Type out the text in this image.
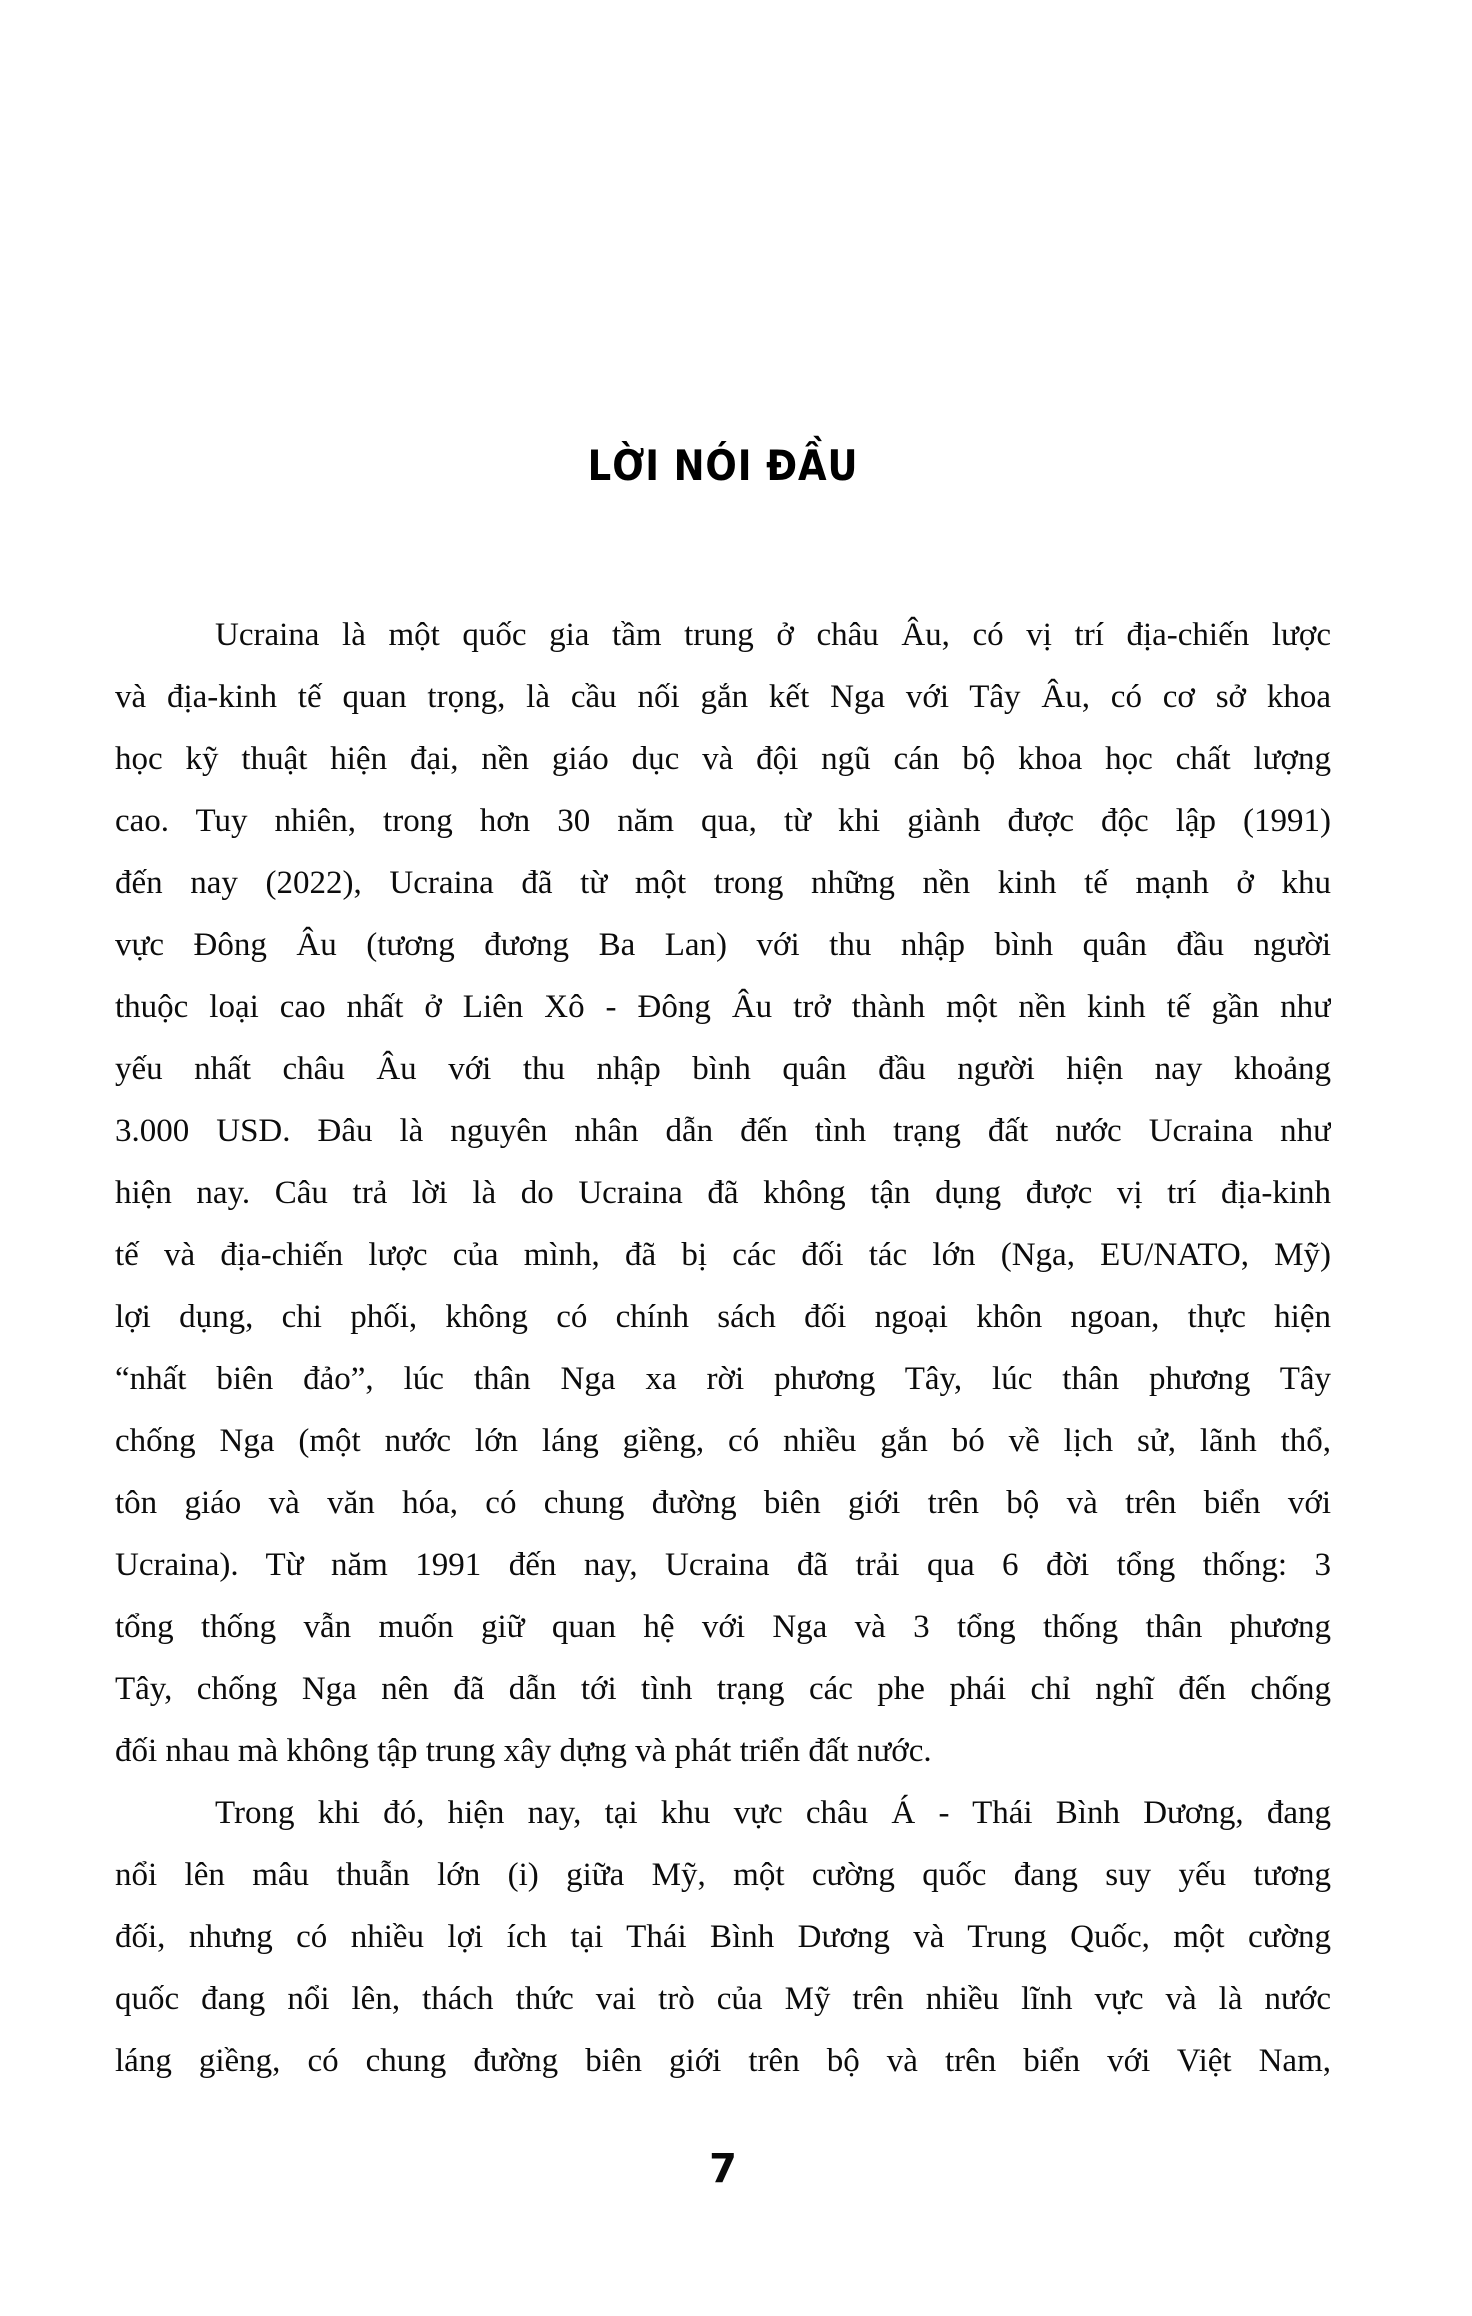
LỜI NÓI ĐẦU
Ucraina là một quốc gia tầm trung ở châu Âu, có vị trí địa-chiến lược
và địa-kinh tế quan trọng, là cầu nối gắn kết Nga với Tây Âu, có cơ sở khoa
học kỹ thuật hiện đại, nền giáo dục và đội ngũ cán bộ khoa học chất lượng
cao. Tuy nhiên, trong hơn 30 năm qua, từ khi giành được độc lập (1991)
đến nay (2022), Ucraina đã từ một trong những nền kinh tế mạnh ở khu
vực Đông Âu (tương đương Ba Lan) với thu nhập bình quân đầu người
thuộc loại cao nhất ở Liên Xô - Đông Âu trở thành một nền kinh tế gần như
yếu nhất châu Âu với thu nhập bình quân đầu người hiện nay khoảng
3.000 USD. Đâu là nguyên nhân dẫn đến tình trạng đất nước Ucraina như
hiện nay. Câu trả lời là do Ucraina đã không tận dụng được vị trí địa-kinh
tế và địa-chiến lược của mình, đã bị các đối tác lớn (Nga, EU/NATO, Mỹ)
lợi dụng, chi phối, không có chính sách đối ngoại khôn ngoan, thực hiện
“nhất biên đảo”, lúc thân Nga xa rời phương Tây, lúc thân phương Tây
chống Nga (một nước lớn láng giềng, có nhiều gắn bó về lịch sử, lãnh thổ,
tôn giáo và văn hóa, có chung đường biên giới trên bộ và trên biển với
Ucraina). Từ năm 1991 đến nay, Ucraina đã trải qua 6 đời tổng thống: 3
tổng thống vẫn muốn giữ quan hệ với Nga và 3 tổng thống thân phương
Tây, chống Nga nên đã dẫn tới tình trạng các phe phái chỉ nghĩ đến chống
đối nhau mà không tập trung xây dựng và phát triển đất nước.
Trong khi đó, hiện nay, tại khu vực châu Á - Thái Bình Dương, đang
nổi lên mâu thuẫn lớn (i) giữa Mỹ, một cường quốc đang suy yếu tương
đối, nhưng có nhiều lợi ích tại Thái Bình Dương và Trung Quốc, một cường
quốc đang nổi lên, thách thức vai trò của Mỹ trên nhiều lĩnh vực và là nước
láng giềng, có chung đường biên giới trên bộ và trên biển với Việt Nam,
7
